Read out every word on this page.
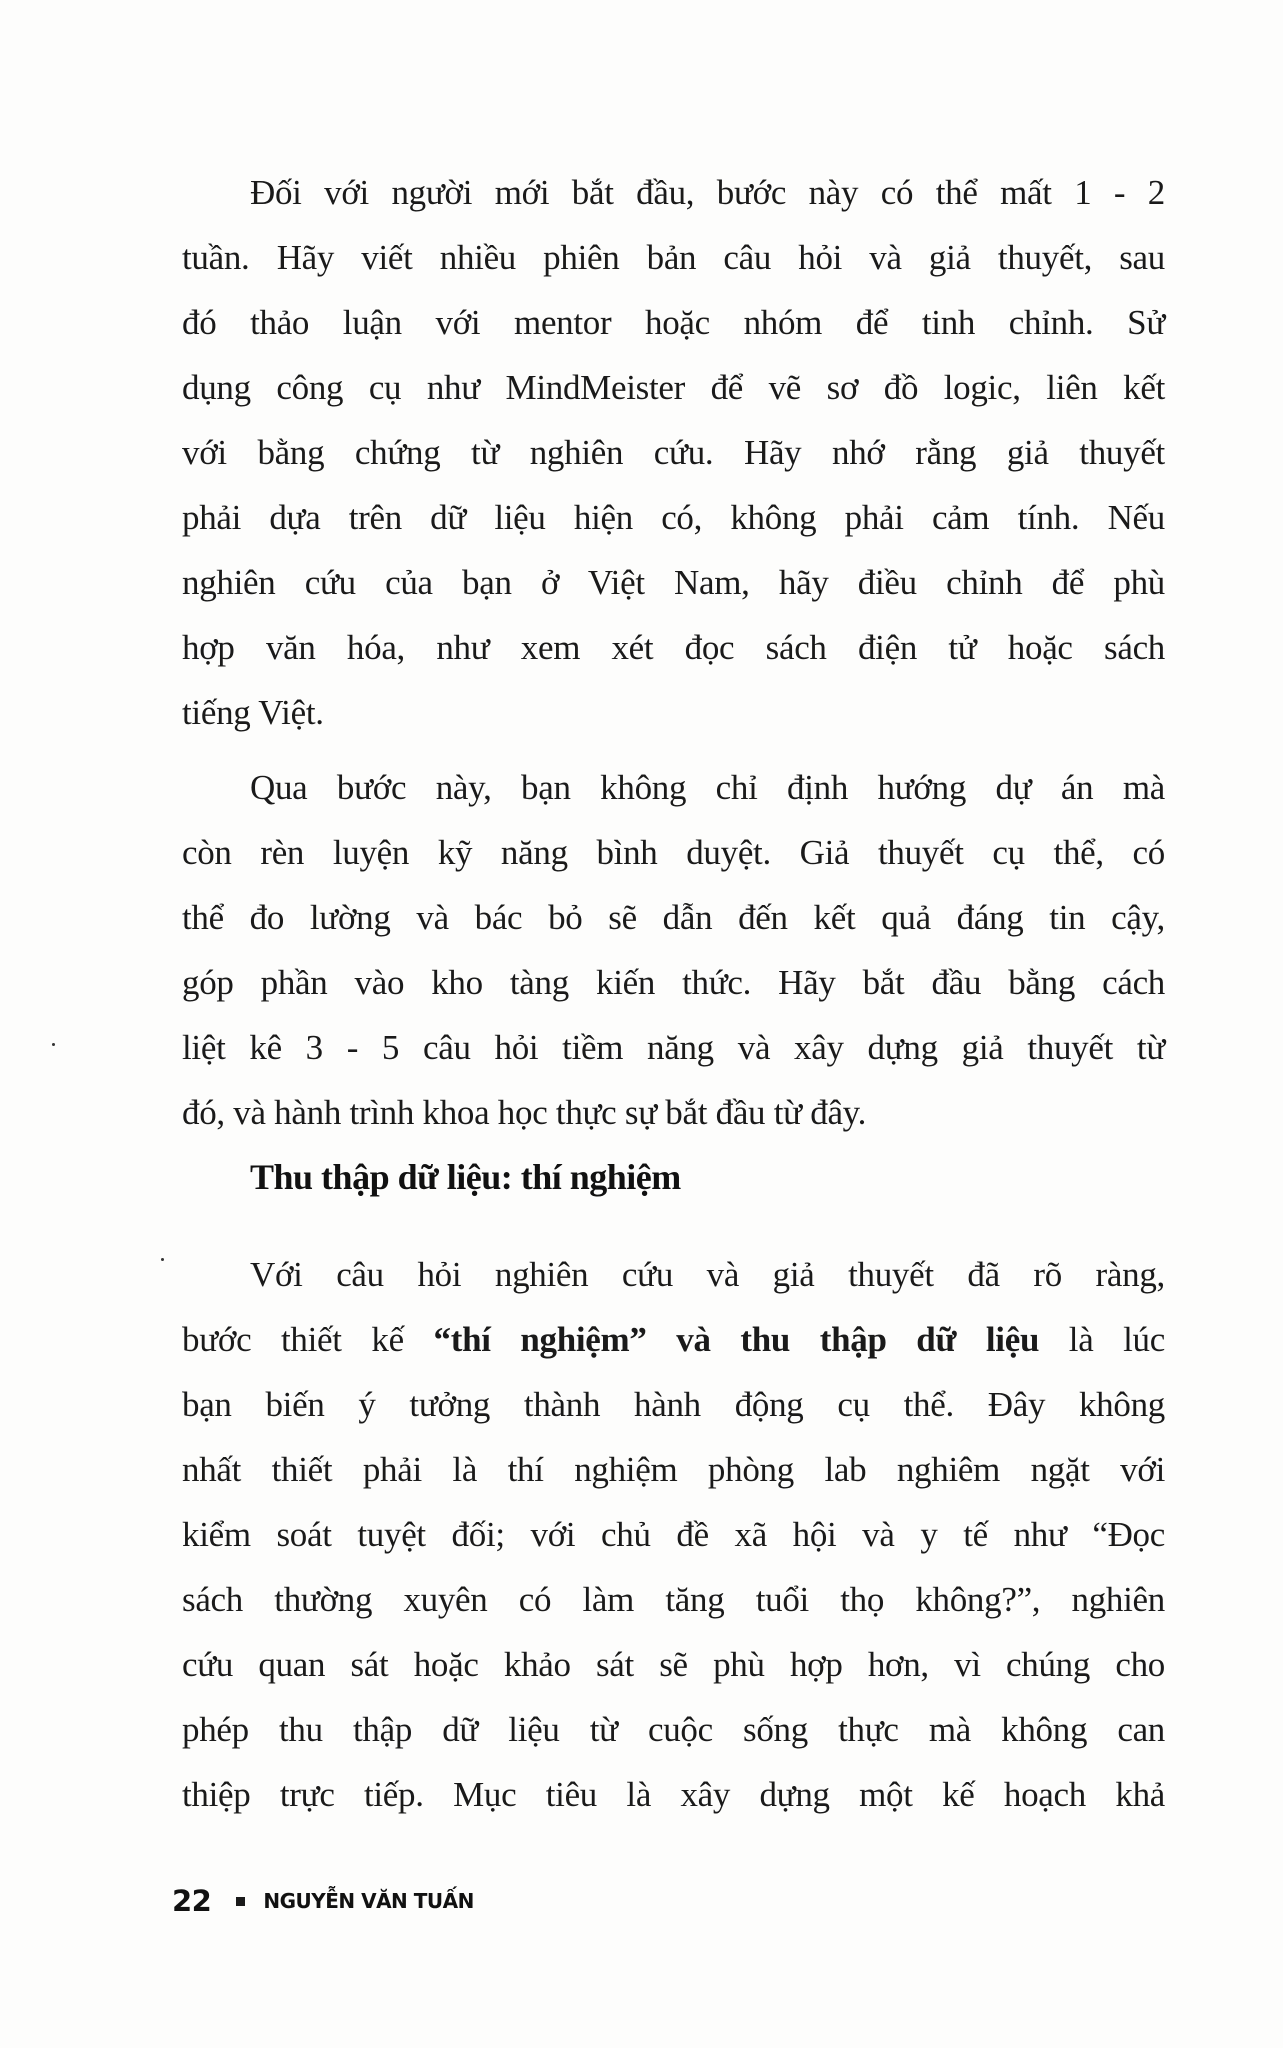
Đối với người mới bắt đầu, bước này có thể mất 1 - 2
tuần. Hãy viết nhiều phiên bản câu hỏi và giả thuyết, sau
đó thảo luận với mentor hoặc nhóm để tinh chỉnh. Sử
dụng công cụ như MindMeister để vẽ sơ đồ logic, liên kết
với bằng chứng từ nghiên cứu. Hãy nhớ rằng giả thuyết
phải dựa trên dữ liệu hiện có, không phải cảm tính. Nếu
nghiên cứu của bạn ở Việt Nam, hãy điều chỉnh để phù
hợp văn hóa, như xem xét đọc sách điện tử hoặc sách
tiếng Việt.
Qua bước này, bạn không chỉ định hướng dự án mà
còn rèn luyện kỹ năng bình duyệt. Giả thuyết cụ thể, có
thể đo lường và bác bỏ sẽ dẫn đến kết quả đáng tin cậy,
góp phần vào kho tàng kiến thức. Hãy bắt đầu bằng cách
liệt kê 3 - 5 câu hỏi tiềm năng và xây dựng giả thuyết từ
đó, và hành trình khoa học thực sự bắt đầu từ đây.
Thu thập dữ liệu: thí nghiệm
Với câu hỏi nghiên cứu và giả thuyết đã rõ ràng,
bước thiết kế “thí nghiệm” và thu thập dữ liệu là lúc
bạn biến ý tưởng thành hành động cụ thể. Đây không
nhất thiết phải là thí nghiệm phòng lab nghiêm ngặt với
kiểm soát tuyệt đối; với chủ đề xã hội và y tế như “Đọc
sách thường xuyên có làm tăng tuổi thọ không?”, nghiên
cứu quan sát hoặc khảo sát sẽ phù hợp hơn, vì chúng cho
phép thu thập dữ liệu từ cuộc sống thực mà không can
thiệp trực tiếp. Mục tiêu là xây dựng một kế hoạch khả
22	NGUYỄN VĂN TUẤN
